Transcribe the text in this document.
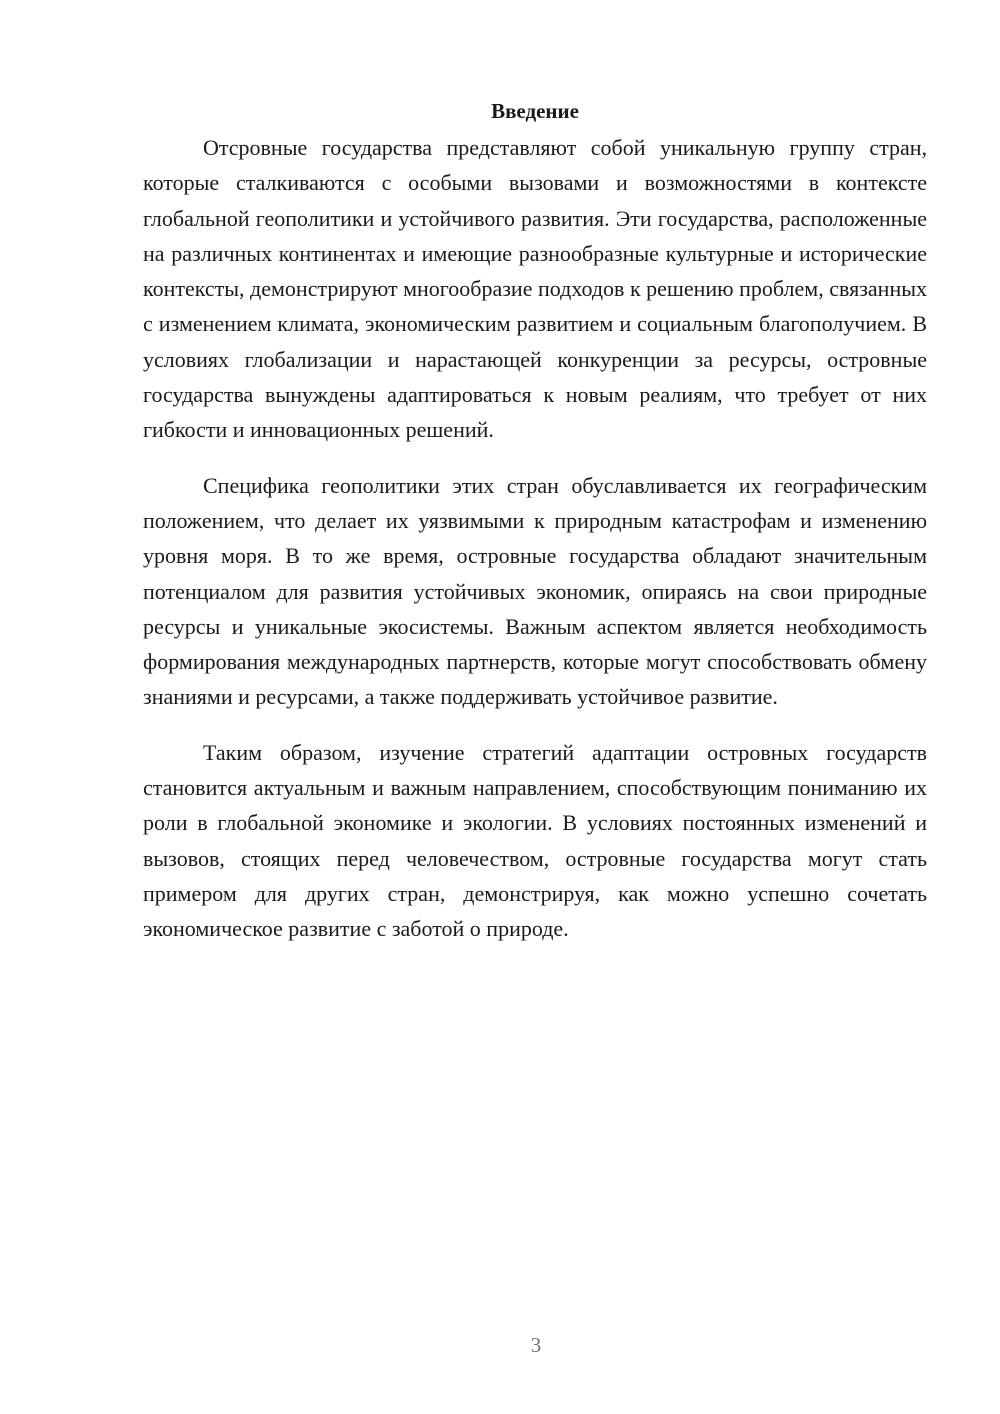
Введение

Отсровные государства представляют собой уникальную группу стран, которые сталкиваются с особыми вызовами и возможностями в контексте глобальной геополитики и устойчивого развития. Эти государства, расположенные на различных континентах и имеющие разнообразные культурные и исторические контексты, демонстрируют многообразие подходов к решению проблем, связанных с изменением климата, экономическим развитием и социальным благополучием. В условиях глобализации и нарастающей конкуренции за ресурсы, островные государства вынуждены адаптироваться к новым реалиям, что требует от них гибкости и инновационных решений.

Специфика геополитики этих стран обуславливается их географическим положением, что делает их уязвимыми к природным катастрофам и изменению уровня моря. В то же время, островные государства обладают значительным потенциалом для развития устойчивых экономик, опираясь на свои природные ресурсы и уникальные экосистемы. Важным аспектом является необходимость формирования международных партнерств, которые могут способствовать обмену знаниями и ресурсами, а также поддерживать устойчивое развитие.

Таким образом, изучение стратегий адаптации островных государств становится актуальным и важным направлением, способствующим пониманию их роли в глобальной экономике и экологии. В условиях постоянных изменений и вызовов, стоящих перед человечеством, островные государства могут стать примером для других стран, демонстрируя, как можно успешно сочетать экономическое развитие с заботой о природе.

3
